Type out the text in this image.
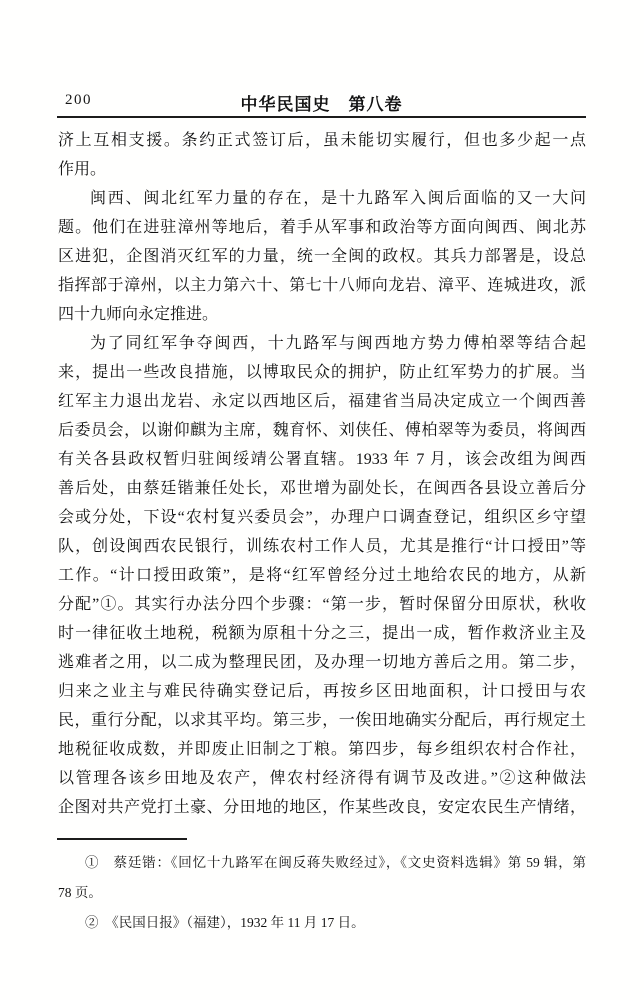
200	中华民国史　第八卷
济上互相支援。条约正式签订后，虽未能切实履行，但也多少起一点
作用。
闽西、闽北红军力量的存在，是十九路军入闽后面临的又一大问
题。他们在进驻漳州等地后，着手从军事和政治等方面向闽西、闽北苏
区进犯，企图消灭红军的力量，统一全闽的政权。其兵力部署是，设总
指挥部于漳州，以主力第六十、第七十八师向龙岩、漳平、连城进攻，派
四十九师向永定推进。
为了同红军争夺闽西，十九路军与闽西地方势力傅柏翠等结合起
来，提出一些改良措施，以博取民众的拥护，防止红军势力的扩展。当
红军主力退出龙岩、永定以西地区后，福建省当局决定成立一个闽西善
后委员会，以谢仰麒为主席，魏育怀、刘侠任、傅柏翠等为委员，将闽西
有关各县政权暂归驻闽绥靖公署直辖。1933 年 7 月，该会改组为闽西
善后处，由蔡廷锴兼任处长，邓世增为副处长，在闽西各县设立善后分
会或分处，下设“农村复兴委员会”，办理户口调查登记，组织区乡守望
队，创设闽西农民银行，训练农村工作人员，尤其是推行“计口授田”等
工作。“计口授田政策”，是将“红军曾经分过土地给农民的地方，从新
分配”①。其实行办法分四个步骤：“第一步，暂时保留分田原状，秋收
时一律征收土地税，税额为原租十分之三，提出一成，暂作救济业主及
逃难者之用，以二成为整理民团，及办理一切地方善后之用。第二步，
归来之业主与难民待确实登记后，再按乡区田地面积，计口授田与农
民，重行分配，以求其平均。第三步，一俟田地确实分配后，再行规定土
地税征收成数，并即废止旧制之丁粮。第四步，每乡组织农村合作社，
以管理各该乡田地及农产，俾农村经济得有调节及改进。”②这种做法
企图对共产党打土豪、分田地的地区，作某些改良，安定农民生产情绪，
①　蔡廷锴：《回忆十九路军在闽反蒋失败经过》，《文史资料选辑》第 59 辑，第
78 页。
②　《民国日报》（福建），1932 年 11 月 17 日。
